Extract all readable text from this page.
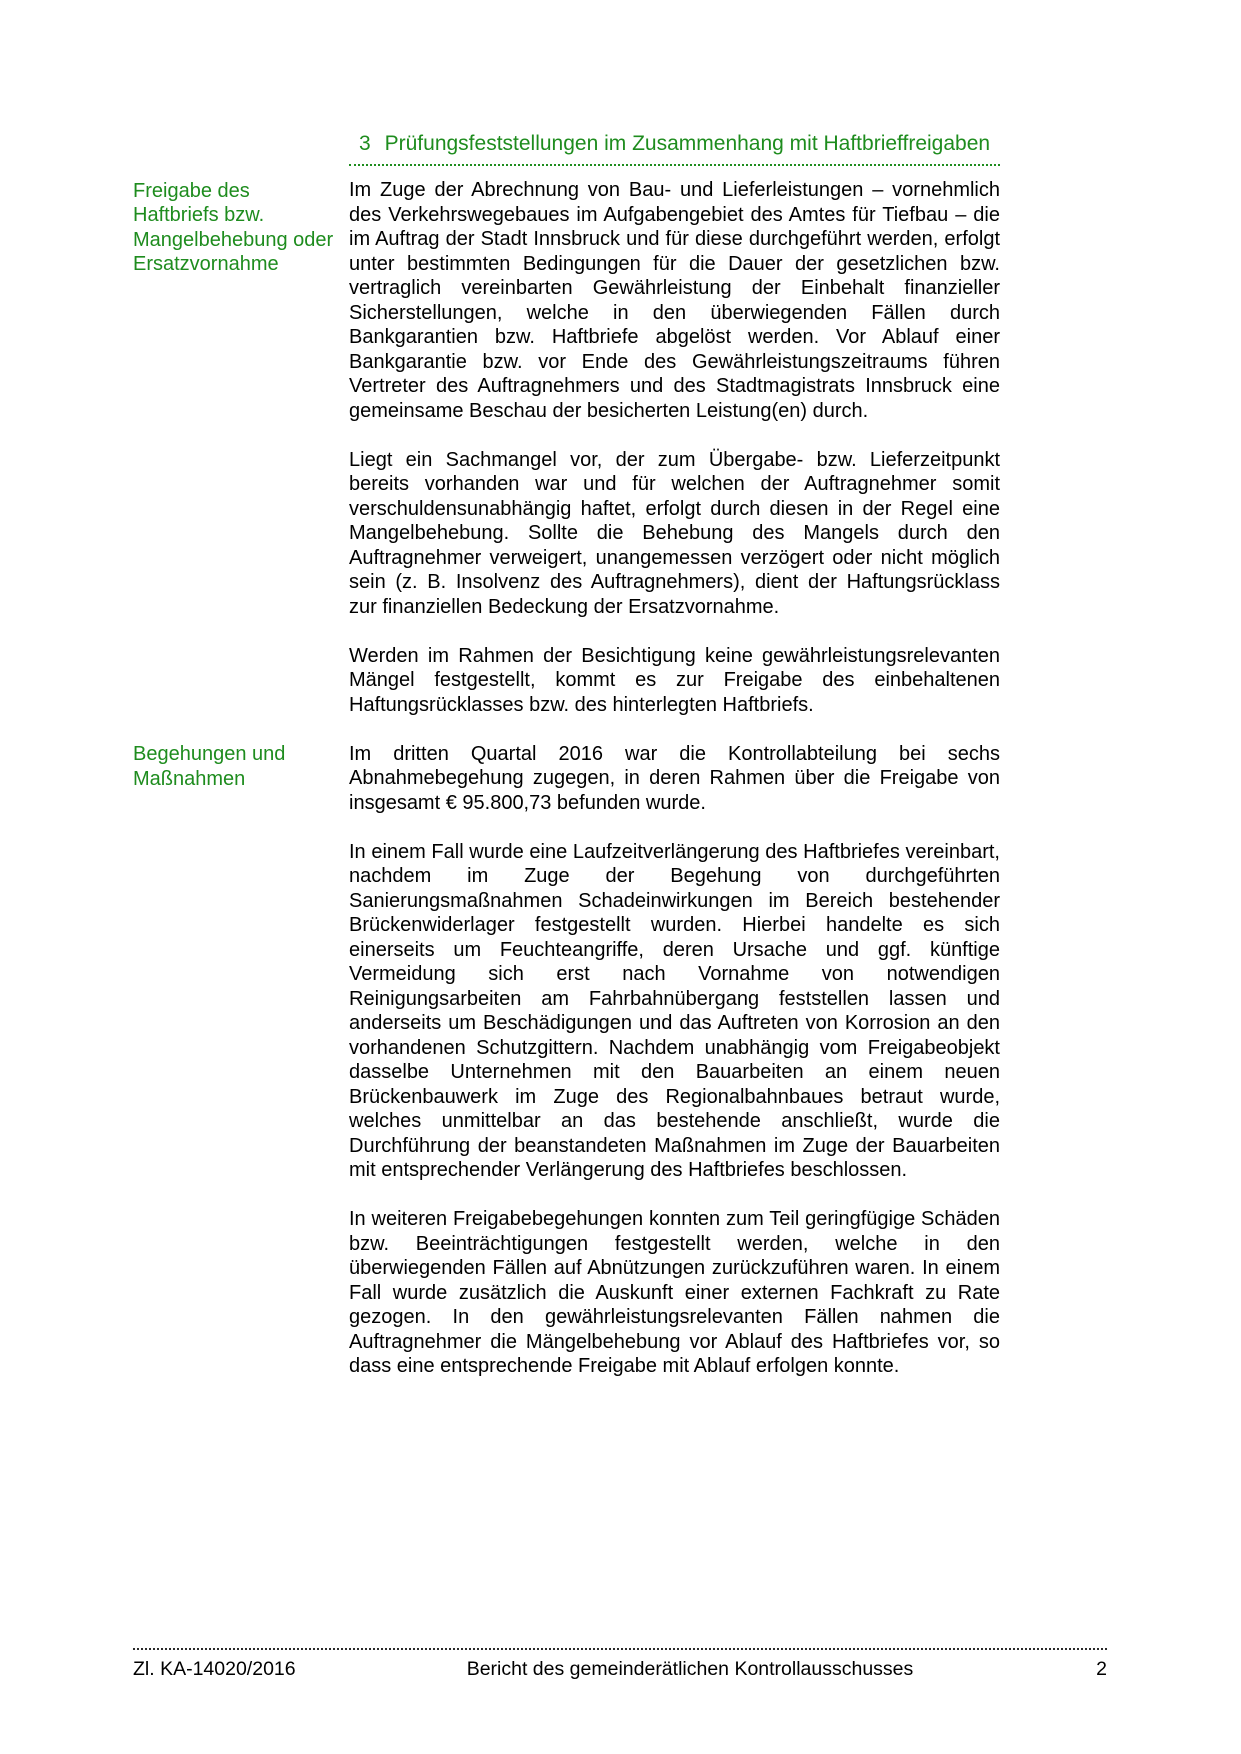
3 Prüfungsfeststellungen im Zusammenhang mit Haftbrieffreigaben
Freigabe des Haftbriefs bzw. Mangelbehebung oder Ersatzvornahme

Im Zuge der Abrechnung von Bau- und Lieferleistungen – vornehmlich des Verkehrswegebaues im Aufgabengebiet des Amtes für Tiefbau – die im Auftrag der Stadt Innsbruck und für diese durchgeführt werden, erfolgt unter bestimmten Bedingungen für die Dauer der gesetzlichen bzw. vertraglich vereinbarten Gewährleistung der Einbehalt finanzieller Sicherstellungen, welche in den überwiegenden Fällen durch Bankgarantien bzw. Haftbriefe abgelöst werden. Vor Ablauf einer Bankgarantie bzw. vor Ende des Gewährleistungszeitraums führen Vertreter des Auftragnehmers und des Stadtmagistrats Innsbruck eine gemeinsame Beschau der besicherten Leistung(en) durch.

Liegt ein Sachmangel vor, der zum Übergabe- bzw. Lieferzeitpunkt bereits vorhanden war und für welchen der Auftragnehmer somit verschuldensunabhängig haftet, erfolgt durch diesen in der Regel eine Mangelbehebung. Sollte die Behebung des Mangels durch den Auftragnehmer verweigert, unangemessen verzögert oder nicht möglich sein (z. B. Insolvenz des Auftragnehmers), dient der Haftungsrücklass zur finanziellen Bedeckung der Ersatzvornahme.

Werden im Rahmen der Besichtigung keine gewährleistungsrelevanten Mängel festgestellt, kommt es zur Freigabe des einbehaltenen Haftungsrücklasses bzw. des hinterlegten Haftbriefs.

Begehungen und Maßnahmen

Im dritten Quartal 2016 war die Kontrollabteilung bei sechs Abnahmebegehung zugegen, in deren Rahmen über die Freigabe von insgesamt € 95.800,73 befunden wurde.

In einem Fall wurde eine Laufzeitverlängerung des Haftbriefes vereinbart, nachdem im Zuge der Begehung von durchgeführten Sanierungsmaßnahmen Schadeinwirkungen im Bereich bestehender Brückenwiderlager festgestellt wurden. Hierbei handelte es sich einerseits um Feuchteangriffe, deren Ursache und ggf. künftige Vermeidung sich erst nach Vornahme von notwendigen Reinigungsarbeiten am Fahrbahnübergang feststellen lassen und anderseits um Beschädigungen und das Auftreten von Korrosion an den vorhandenen Schutzgittern. Nachdem unabhängig vom Freigabeobjekt dasselbe Unternehmen mit den Bauarbeiten an einem neuen Brückenbauwerk im Zuge des Regionalbahnbaues betraut wurde, welches unmittelbar an das bestehende anschließt, wurde die Durchführung der beanstandeten Maßnahmen im Zuge der Bauarbeiten mit entsprechender Verlängerung des Haftbriefes beschlossen.

In weiteren Freigabebegehungen konnten zum Teil geringfügige Schäden bzw. Beeinträchtigungen festgestellt werden, welche in den überwiegenden Fällen auf Abnützungen zurückzuführen waren. In einem Fall wurde zusätzlich die Auskunft einer externen Fachkraft zu Rate gezogen. In den gewährleistungsrelevanten Fällen nahmen die Auftragnehmer die Mängelbehebung vor Ablauf des Haftbriefes vor, so dass eine entsprechende Freigabe mit Ablauf erfolgen konnte.

Zl. KA-14020/2016	Bericht des gemeinderätlichen Kontrollausschusses	2
